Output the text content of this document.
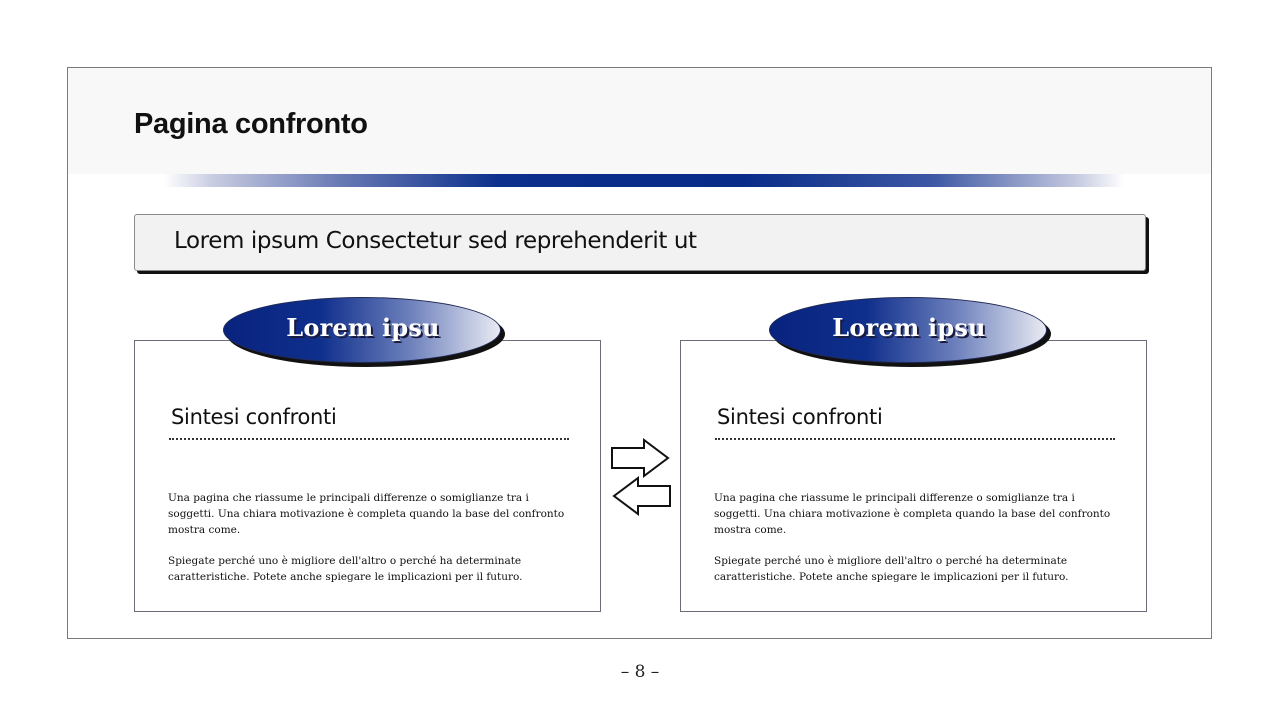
Pagina confronto
Lorem ipsum Consectetur sed reprehenderit ut
Sintesi confronti

Una pagina che riassume le principali differenze o somiglianze tra i soggetti. Una chiara motivazione è completa quando la base del confronto mostra come.

Spiegate perché uno è migliore dell'altro o perché ha determinate caratteristiche. Potete anche spiegare le implicazioni per il futuro.

Lorem ipsu
Sintesi confronti

Una pagina che riassume le principali differenze o somiglianze tra i soggetti. Una chiara motivazione è completa quando la base del confronto mostra come.

Spiegate perché uno è migliore dell'altro o perché ha determinate caratteristiche. Potete anche spiegare le implicazioni per il futuro.

Lorem ipsu
– 8 –
